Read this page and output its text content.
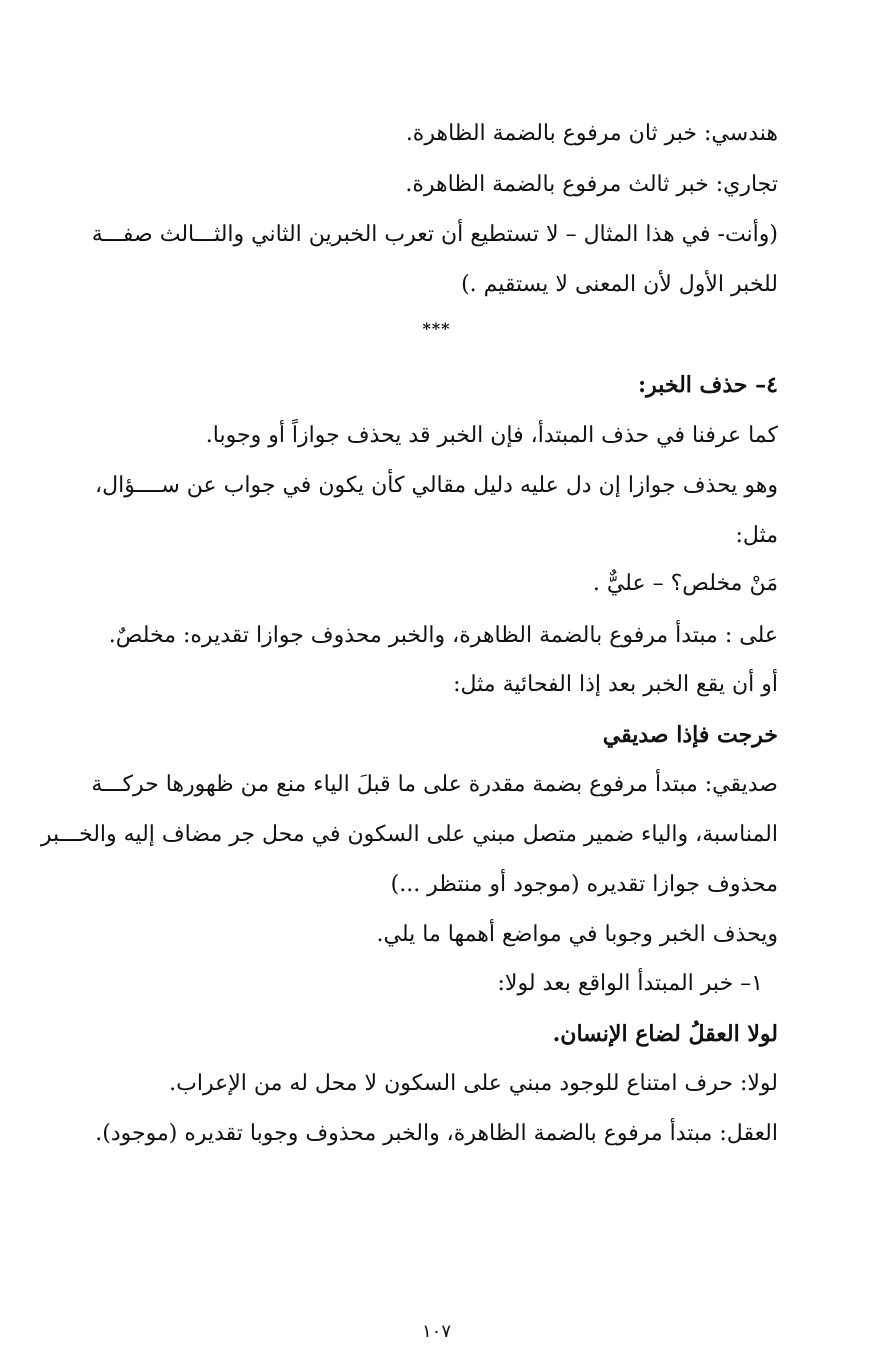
هندسي: خبر ثان مرفوع بالضمة الظاهرة.
تجاري: خبر ثالث مرفوع بالضمة الظاهرة.
(وأنت- في هذا المثال – لا تستطيع أن تعرب الخبرين الثاني والثـــالث صفـــة
للخبر الأول لأن المعنى لا يستقيم .)
***
٤– حذف الخبر:
كما عرفنا في حذف المبتدأ، فإن الخبر قد يحذف جوازاً أو وجوبا.
وهو يحذف جوازا إن دل عليه دليل مقالي كأن يكون في جواب عن ســــؤال،
مثل:
مَنْ مخلص؟ – عليٌّ .
على : مبتدأ مرفوع بالضمة الظاهرة، والخبر محذوف جوازا تقديره: مخلصٌ.
أو أن يقع الخبر بعد إذا الفحائية مثل:
خرجت فإذا صديقي
صديقي: مبتدأ مرفوع بضمة مقدرة على ما قبلَ الياء منع من ظهورها حركـــة
المناسبة، والياء ضمير متصل مبني على السكون في محل جر مضاف إليه والخـــبر
محذوف جوازا تقديره (موجود أو منتظر ...)
ويحذف الخبر وجوبا في مواضع أهمها ما يلي.
١– خبر المبتدأ الواقع بعد لولا:
لولا العقلُ لضاع الإنسان.
لولا: حرف امتناع للوجود مبني على السكون لا محل له من الإعراب.
العقل: مبتدأ مرفوع بالضمة الظاهرة، والخبر محذوف وجوبا تقديره (موجود).
١٠٧
